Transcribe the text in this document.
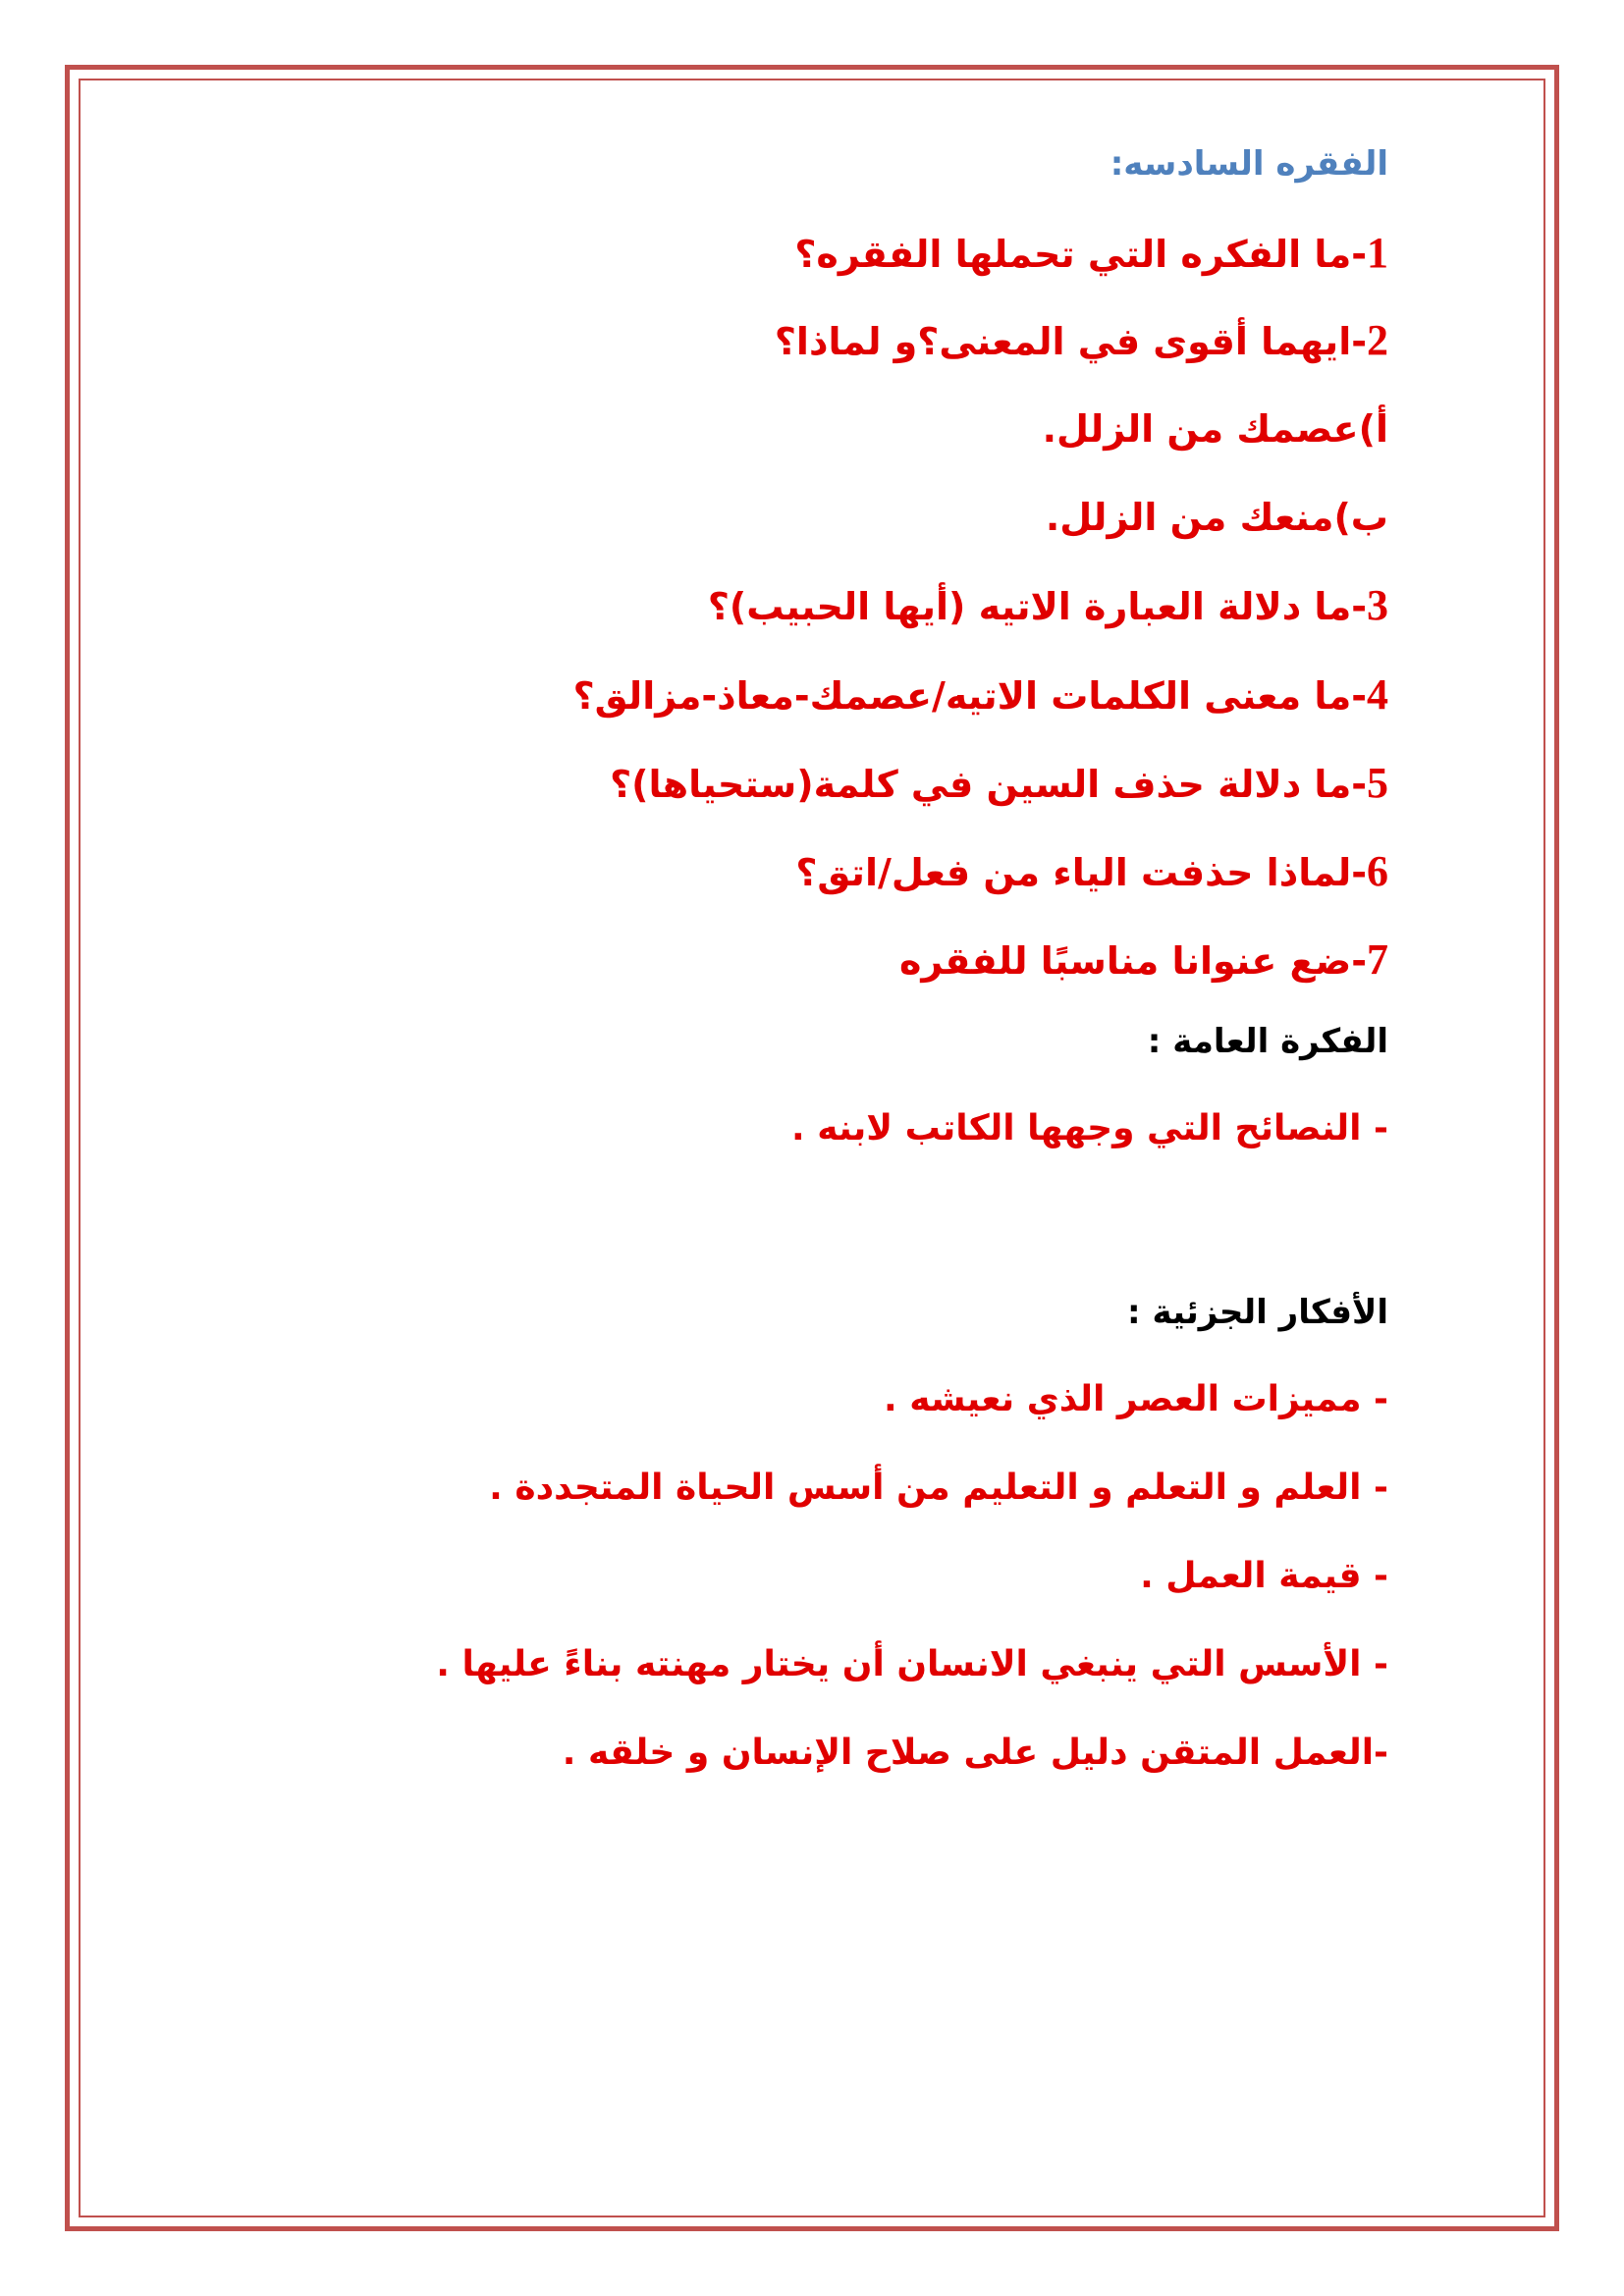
الفقره السادسه:
1-ما الفكره التي تحملها الفقره؟
2-ايهما أقوى في المعنى؟و لماذا؟
أ)عصمك من الزلل.
ب)منعك من الزلل.
3-ما دلالة العبارة الاتيه (أيها الحبيب)؟
4-ما معنى الكلمات الاتيه/عصمك-معاذ-مزالق؟
5-ما دلالة حذف السين في كلمة(ستحياها)؟
6-لماذا حذفت الياء من فعل/اتق؟
7-ضع عنوانا مناسبًا للفقره
الفكرة العامة :
- النصائح التي وجهها الكاتب لابنه .
الأفكار الجزئية :
- مميزات العصر الذي نعيشه .
- العلم و التعلم و التعليم من أسس الحياة المتجددة .
- قيمة العمل .
- الأسس التي ينبغي الانسان أن يختار مهنته بناءً عليها .
-العمل المتقن دليل على صلاح الإنسان و خلقه .
